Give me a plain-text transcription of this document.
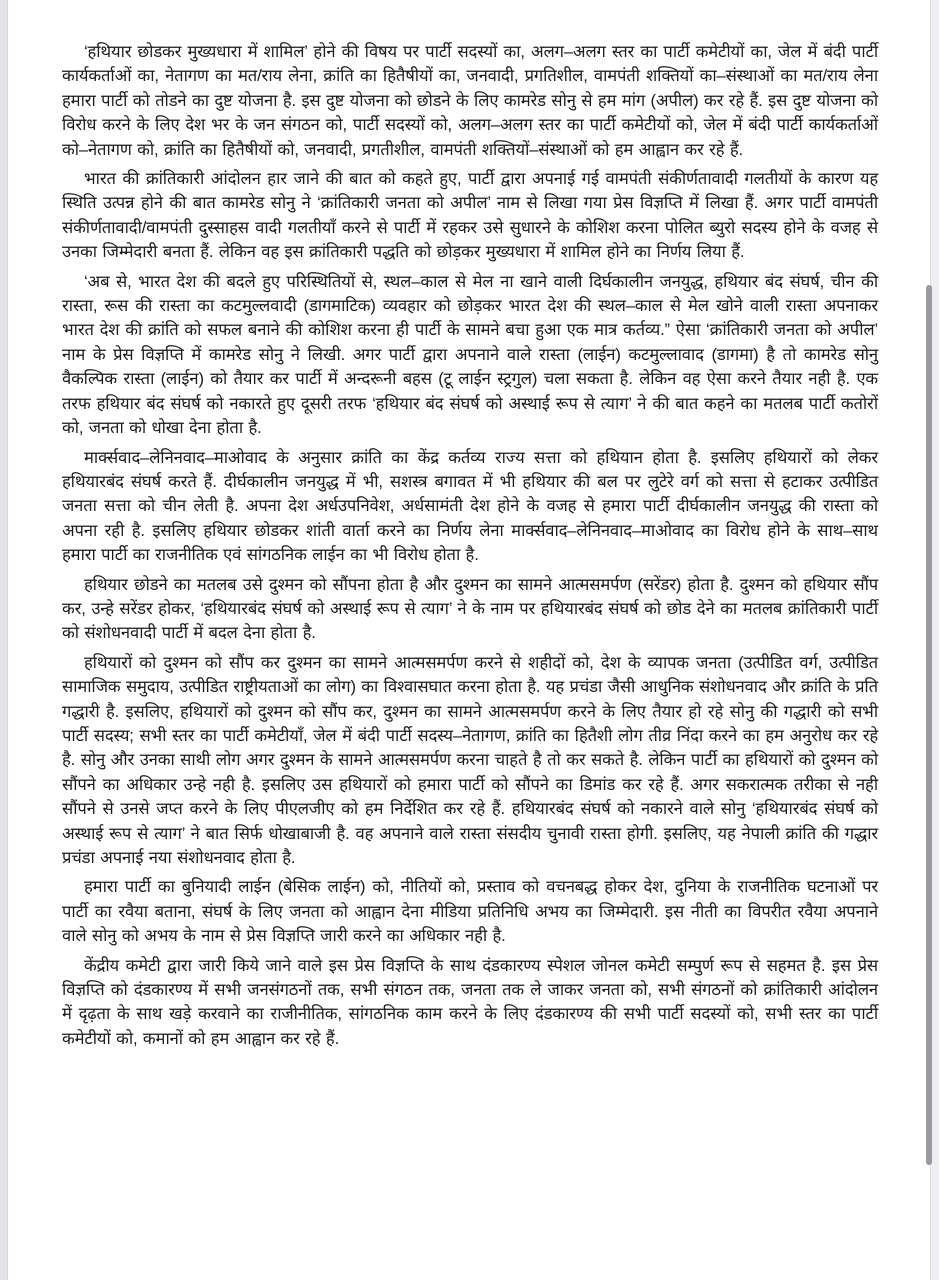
‘हथियार छोडकर मुख्यधारा में शामिल’ होने की विषय पर पार्टी सदस्यों का, अलग–अलग स्तर का पार्टी कमेटीयों का, जेल में बंदी पार्टी कार्यकर्ताओं का, नेतागण का मत/राय लेना, क्रांति का हितैषीयों का, जनवादी, प्रगतिशील, वामपंती शक्तियों का–संस्थाओं का मत/राय लेना हमारा पार्टी को तोडने का दुष्ट योजना है. इस दुष्ट योजना को छोडने के लिए कामरेड सोनु से हम मांग (अपील) कर रहे हैं. इस दुष्ट योजना को विरोध करने के लिए देश भर के जन संगठन को, पार्टी सदस्यों को, अलग–अलग स्तर का पार्टी कमेटीयों को, जेल में बंदी पार्टी कार्यकर्ताओं को–नेतागण को, क्रांति का हितैषीयों को, जनवादी, प्रगतीशील, वामपंती शक्तियों–संस्थाओं को हम आह्वान कर रहे हैं.

भारत की क्रांतिकारी आंदोलन हार जाने की बात को कहते हुए, पार्टी द्वारा अपनाई गई वामपंती संकीर्णतावादी गलतीयों के कारण यह स्थिति उत्पन्न होने की बात कामरेड सोनु ने ‘क्रांतिकारी जनता को अपील’ नाम से लिखा गया प्रेस विज्ञप्ति में लिखा हैं. अगर पार्टी वामपंती संकीर्णतावादी/वामपंती दुस्साहस वादी गलतीयाँ करने से पार्टी में रहकर उसे सुधारने के कोशिश करना पोलित ब्युरो सदस्य होने के वजह से उनका जिम्मेदारी बनता हैं. लेकिन वह इस क्रांतिकारी पद्धति को छोड़कर मुख्यधारा में शामिल होने का निर्णय लिया हैं.

‘अब से, भारत देश की बदले हुए परिस्थितियों से, स्थल–काल से मेल ना खाने वाली दिर्घकालीन जनयुद्ध, हथियार बंद संघर्ष, चीन की रास्ता, रूस की रास्ता का कटमुल्लवादी (डागमाटिक) व्यवहार को छोड़कर भारत देश की स्थल–काल से मेल खोने वाली रास्ता अपनाकर भारत देश की क्रांति को सफल बनाने की कोशिश करना ही पार्टी के सामने बचा हुआ एक मात्र कर्तव्य.” ऐसा ‘क्रांतिकारी जनता को अपील’ नाम के प्रेस विज्ञप्ति में कामरेड सोनु ने लिखी. अगर पार्टी द्वारा अपनाने वाले रास्ता (लाईन) कटमुल्लावाद (डागमा) है तो कामरेड सोनु वैकल्पिक रास्ता (लाईन) को तैयार कर पार्टी में अन्दरूनी बहस (टू लाईन स्ट्रगुल) चला सकता है. लेकिन वह ऐसा करने तैयार नही है. एक तरफ हथियार बंद संघर्ष को नकारते हुए दूसरी तरफ ‘हथियार बंद संघर्ष को अस्थाई रूप से त्याग’ ने की बात कहने का मतलब पार्टी कतोरों को, जनता को धोखा देना होता है.

मार्क्सवाद–लेनिनवाद–माओवाद के अनुसार क्रांति का केंद्र कर्तव्य राज्य सत्ता को हथियान होता है. इसलिए हथियारों को लेकर हथियारबंद संघर्ष करते हैं. दीर्घकालीन जनयुद्ध में भी, सशस्त्र बगावत में भी हथियार की बल पर लुटेरे वर्ग को सत्ता से हटाकर उत्पीडित जनता सत्ता को चीन लेती है. अपना देश अर्धउपनिवेश, अर्धसामंती देश होने के वजह से हमारा पार्टी दीर्घकालीन जनयुद्ध की रास्ता को अपना रही है. इसलिए हथियार छोडकर शांती वार्ता करने का निर्णय लेना मार्क्सवाद–लेनिनवाद–माओवाद का विरोध होने के साथ–साथ हमारा पार्टी का राजनीतिक एवं सांगठनिक लाईन का भी विरोध होता है.

हथियार छोडने का मतलब उसे दुश्मन को सौंपना होता है और दुश्मन का सामने आत्मसमर्पण (सरेंडर) होता है. दुश्मन को हथियार सौंप कर, उन्हे सरेंडर होकर, ‘हथियारबंद संघर्ष को अस्थाई रूप से त्याग’ ने के नाम पर हथियारबंद संघर्ष को छोड देने का मतलब क्रांतिकारी पार्टी को संशोधनवादी पार्टी में बदल देना होता है.

हथियारों को दुश्मन को सौंप कर दुश्मन का सामने आत्मसमर्पण करने से शहीदों को, देश के व्यापक जनता (उत्पीडित वर्ग, उत्पीडित सामाजिक समुदाय, उत्पीडित राष्ट्रीयताओं का लोग) का विश्वासघात करना होता है. यह प्रचंडा जैसी आधुनिक संशोधनवाद और क्रांति के प्रति गद्धारी है. इसलिए, हथियारों को दुश्मन को सौंप कर, दुश्मन का सामने आत्मसमर्पण करने के लिए तैयार हो रहे सोनु की गद्धारी को सभी पार्टी सदस्य; सभी स्तर का पार्टी कमेटीयाँ, जेल में बंदी पार्टी सदस्य–नेतागण, क्रांति का हितैशी लोग तीव्र निंदा करने का हम अनुरोध कर रहे है. सोनु और उनका साथी लोग अगर दुश्मन के सामने आत्मसमर्पण करना चाहते है तो कर सकते है. लेकिन पार्टी का हथियारों को दुश्मन को सौंपने का अधिकार उन्हे नही है. इसलिए उस हथियारों को हमारा पार्टी को सौंपने का डिमांड कर रहे हैं. अगर सकरात्मक तरीका से नही सौंपने से उनसे जप्त करने के लिए पीएलजीए को हम निर्देशित कर रहे हैं. हथियारबंद संघर्ष को नकारने वाले सोनु ‘हथियारबंद संघर्ष को अस्थाई रूप से त्याग’ ने बात सिर्फ धोखाबाजी है. वह अपनाने वाले रास्ता संसदीय चुनावी रास्ता होगी. इसलिए, यह नेपाली क्रांति की गद्धार प्रचंडा अपनाई नया संशोधनवाद होता है.

हमारा पार्टी का बुनियादी लाईन (बेसिक लाईन) को, नीतियों को, प्रस्ताव को वचनबद्ध होकर देश, दुनिया के राजनीतिक घटनाओं पर पार्टी का रवैया बताना, संघर्ष के लिए जनता को आह्वान देना मीडिया प्रतिनिधि अभय का जिम्मेदारी. इस नीती का विपरीत रवैया अपनाने वाले सोनु को अभय के नाम से प्रेस विज्ञप्ति जारी करने का अधिकार नही है.

केंद्रीय कमेटी द्वारा जारी किये जाने वाले इस प्रेस विज्ञप्ति के साथ दंडकारण्य स्पेशल जोनल कमेटी सम्पुर्ण रूप से सहमत है. इस प्रेस विज्ञप्ति को दंडकारण्य में सभी जनसंगठनों तक, सभी संगठन तक, जनता तक ले जाकर जनता को, सभी संगठनों को क्रांतिकारी आंदोलन में दृढ़ता के साथ खड़े करवाने का राजीनीतिक, सांगठनिक काम करने के लिए दंडकारण्य की सभी पार्टी सदस्यों को, सभी स्तर का पार्टी कमेटीयों को, कमानों को हम आह्वान कर रहे हैं.
